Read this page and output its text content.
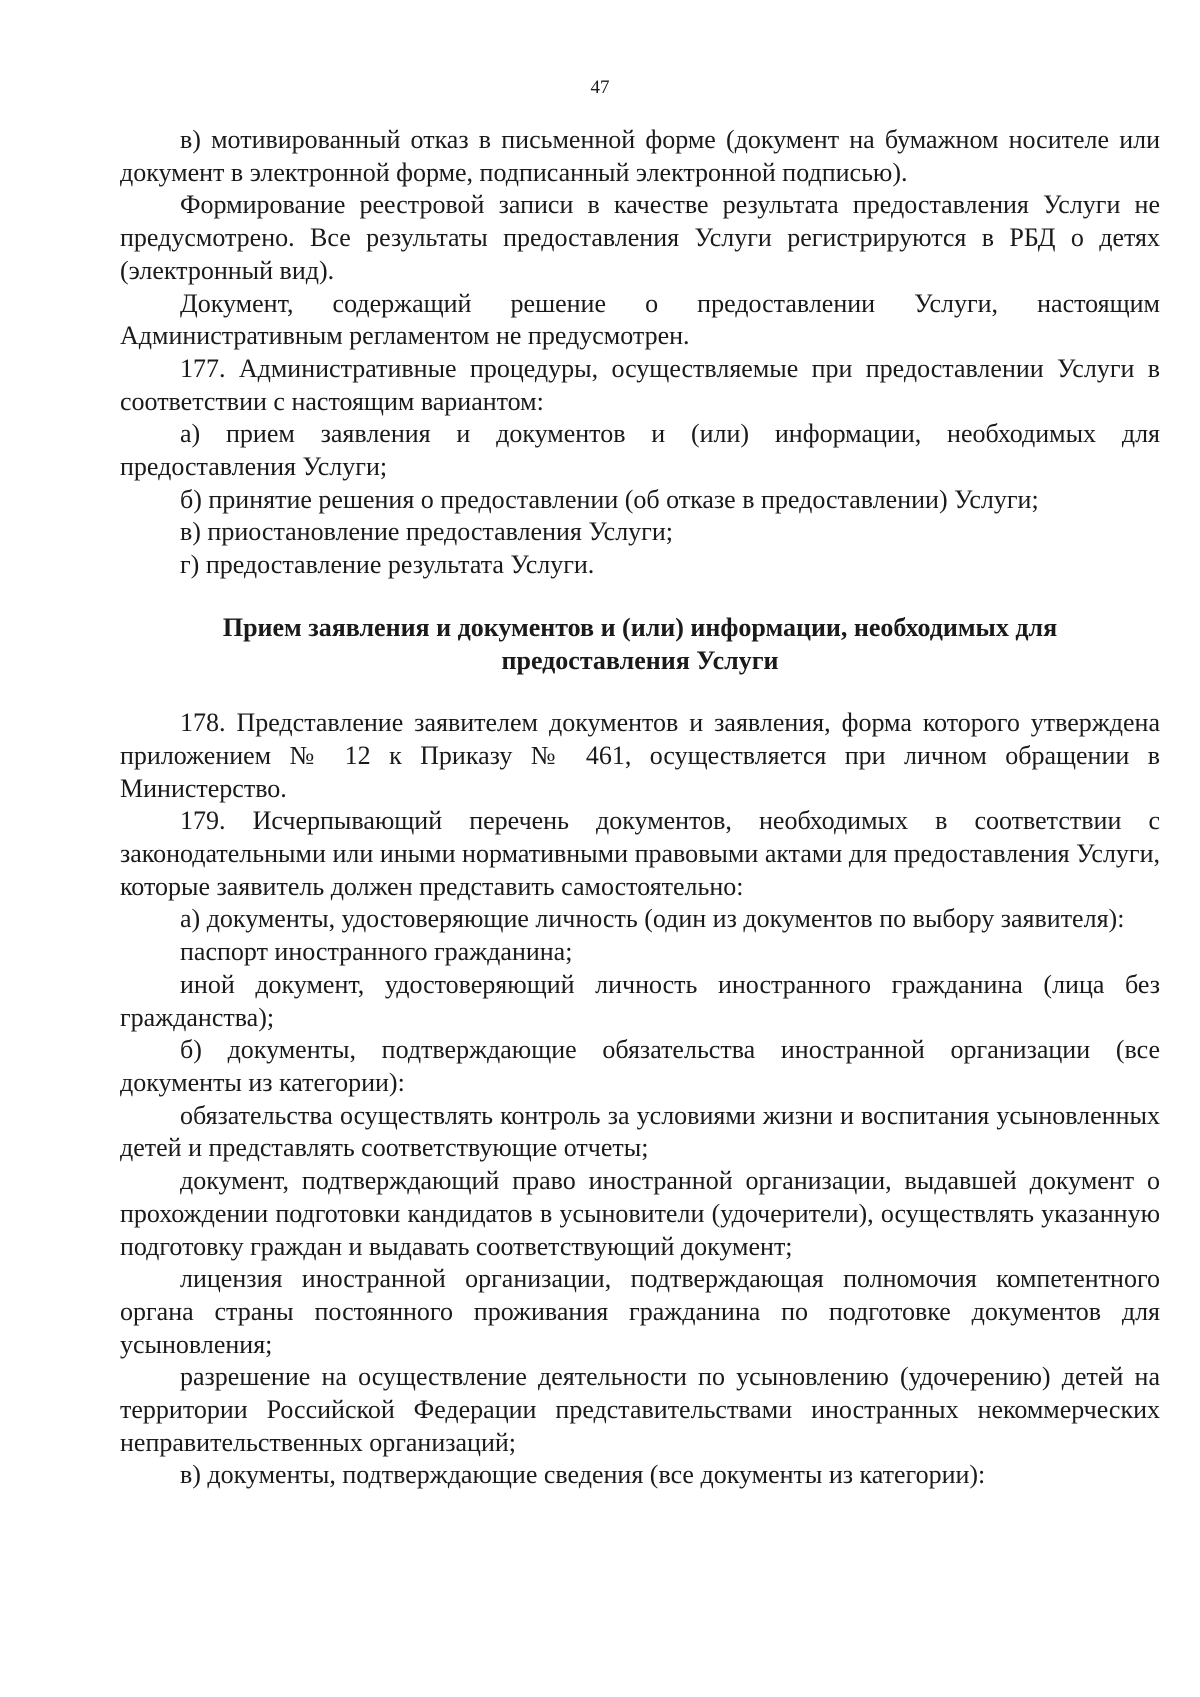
47

в) мотивированный отказ в письменной форме (документ на бумажном носителе или документ в электронной форме, подписанный электронной подписью).

Формирование реестровой записи в качестве результата предоставления Услуги не предусмотрено. Все результаты предоставления Услуги регистрируются в РБД о детях (электронный вид).

Документ, содержащий решение о предоставлении Услуги, настоящим Административным регламентом не предусмотрен.

177. Административные процедуры, осуществляемые при предоставлении Услуги в соответствии с настоящим вариантом:

а) прием заявления и документов и (или) информации, необходимых для предоставления Услуги;

б) принятие решения о предоставлении (об отказе в предоставлении) Услуги;

в) приостановление предоставления Услуги;

г) предоставление результата Услуги.

Прием заявления и документов и (или) информации, необходимых для предоставления Услуги

178. Представление заявителем документов и заявления, форма которого утверждена приложением № 12 к Приказу № 461, осуществляется при личном обращении в Министерство.

179. Исчерпывающий перечень документов, необходимых в соответствии с законодательными или иными нормативными правовыми актами для предоставления Услуги, которые заявитель должен представить самостоятельно:

а) документы, удостоверяющие личность (один из документов по выбору заявителя):

паспорт иностранного гражданина;

иной документ, удостоверяющий личность иностранного гражданина (лица без гражданства);

б) документы, подтверждающие обязательства иностранной организации (все документы из категории):

обязательства осуществлять контроль за условиями жизни и воспитания усыновленных детей и представлять соответствующие отчеты;

документ, подтверждающий право иностранной организации, выдавшей документ о прохождении подготовки кандидатов в усыновители (удочерители), осуществлять указанную подготовку граждан и выдавать соответствующий документ;

лицензия иностранной организации, подтверждающая полномочия компетентного органа страны постоянного проживания гражданина по подготовке документов для усыновления;

разрешение на осуществление деятельности по усыновлению (удочерению) детей на территории Российской Федерации представительствами иностранных некоммерческих неправительственных организаций;

в) документы, подтверждающие сведения (все документы из категории):
